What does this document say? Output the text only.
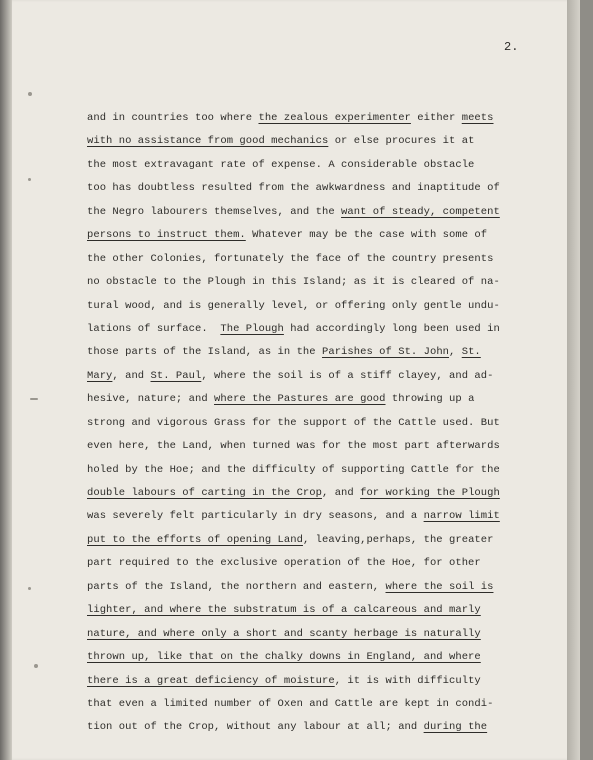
2.
and in countries too where the zealous experimenter either meets
with no assistance from good mechanics or else procures it at
the most extravagant rate of expense. A considerable obstacle
too has doubtless resulted from the awkwardness and inaptitude of
the Negro labourers themselves, and the want of steady, competent
persons to instruct them. Whatever may be the case with some of
the other Colonies, fortunately the face of the country presents
no obstacle to the Plough in this Island; as it is cleared of na-
tural wood, and is generally level, or offering only gentle undu-
lations of surface.  The Plough had accordingly long been used in
those parts of the Island, as in the Parishes of St. John, St.
Mary, and St. Paul, where the soil is of a stiff clayey, and ad-
hesive, nature; and where the Pastures are good throwing up a
strong and vigorous Grass for the support of the Cattle used. But
even here, the Land, when turned was for the most part afterwards
holed by the Hoe; and the difficulty of supporting Cattle for the
double labours of carting in the Crop, and for working the Plough
was severely felt particularly in dry seasons, and a narrow limit
put to the efforts of opening Land, leaving,perhaps, the greater
part required to the exclusive operation of the Hoe, for other
parts of the Island, the northern and eastern, where the soil is
lighter, and where the substratum is of a calcareous and marly
nature, and where only a short and scanty herbage is naturally
thrown up, like that on the chalky downs in England, and where
there is a great deficiency of moisture, it is with difficulty
that even a limited number of Oxen and Cattle are kept in condi-
tion out of the Crop, without any labour at all; and during the
